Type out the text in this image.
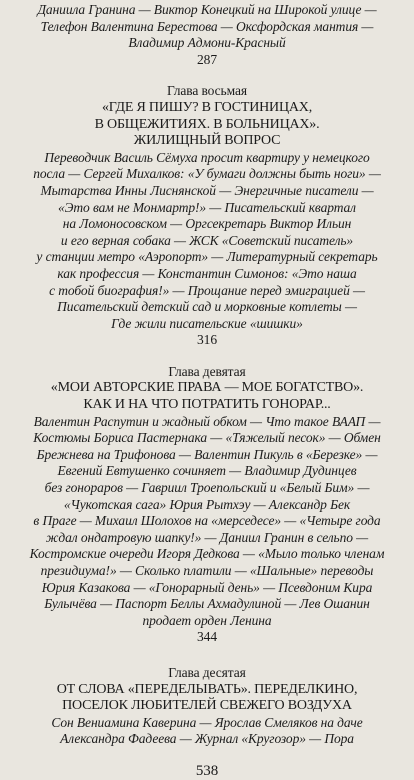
Даниила Гранина — Виктор Конецкий на Широкой улице —
Телефон Валентина Берестова — Оксфордская мантия —
Владимир Адмони-Красный
287
Глава восьмая
«ГДЕ Я ПИШУ? В ГОСТИНИЦАХ,
В ОБЩЕЖИТИЯХ. В БОЛЬНИЦАХ».
ЖИЛИЩНЫЙ ВОПРОС
Переводчик Василь Сёмуха просит квартиру у немецкого
посла — Сергей Михалков: «У бумаги должны быть ноги» —
Мытарства Инны Лиснянской — Энергичные писатели —
«Это вам не Монмартр!» — Писательский квартал
на Ломоносовском — Оргсекретарь Виктор Ильин
и его верная собака — ЖСК «Советский писатель»
у станции метро «Аэропорт» — Литературный секретарь
как профессия — Константин Симонов: «Это наша
с тобой биография!» — Прощание перед эмиграцией —
Писательский детский сад и морковные котлеты —
Где жили писательские «шишки»
316
Глава девятая
«МОИ АВТОРСКИЕ ПРАВА — МОЕ БОГАТСТВО».
КАК И НА ЧТО ПОТРАТИТЬ ГОНОРАР...
Валентин Распутин и жадный обком — Что такое ВААП —
Костюмы Бориса Пастернака — «Тяжелый песок» — Обмен
Брежнева на Трифонова — Валентин Пикуль в «Березке» —
Евгений Евтушенко сочиняет — Владимир Дудинцев
без гонораров — Гавриил Троепольский и «Белый Бим» —
«Чукотская сага» Юрия Рытхэу — Александр Бек
в Праге — Михаил Шолохов на «мерседесе» — «Четыре года
ждал ондатровую шапку!» — Даниил Гранин в сельпо —
Костромские очереди Игоря Дедкова — «Мыло только членам
президиума!» — Сколько платили — «Шальные» переводы
Юрия Казакова — «Гонорарный день» — Псевдоним Кира
Булычёва — Паспорт Беллы Ахмадулиной — Лев Ошанин
продает орден Ленина
344
Глава десятая
ОТ СЛОВА «ПЕРЕДЕЛЫВАТЬ». ПЕРЕДЕЛКИНО,
ПОСЕЛОК ЛЮБИТЕЛЕЙ СВЕЖЕГО ВОЗДУХА
Сон Вениамина Каверина — Ярослав Смеляков на даче
Александра Фадеева — Журнал «Кругозор» — Пора
538
